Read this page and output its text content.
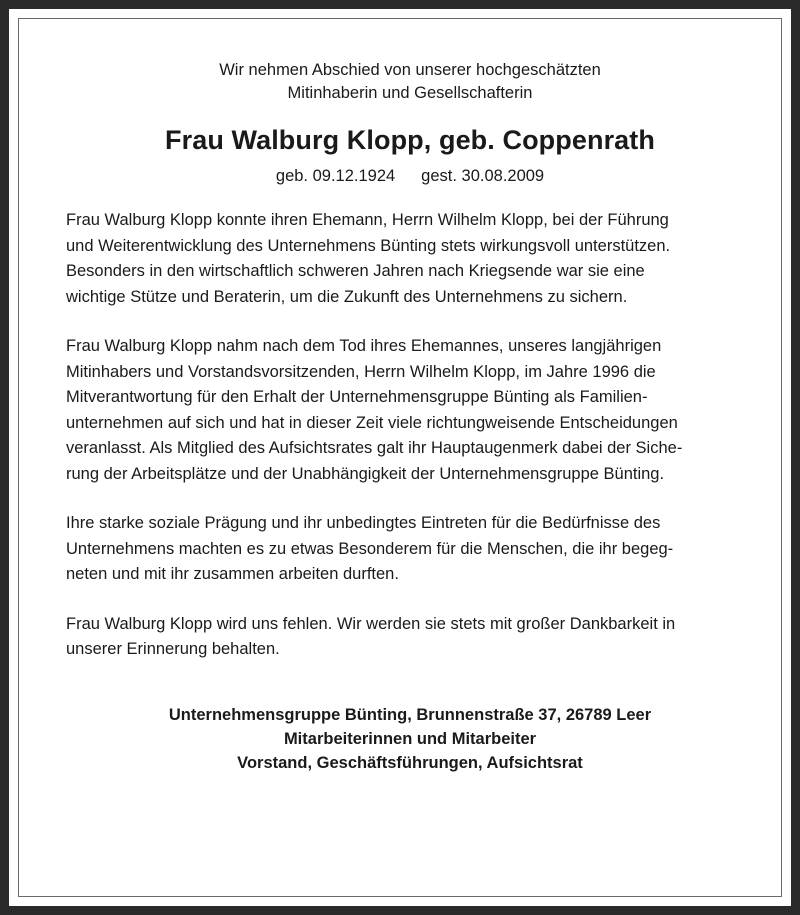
Wir nehmen Abschied von unserer hochgeschätzten
Mitinhaberin und Gesellschafterin

Frau Walburg Klopp, geb. Coppenrath

geb. 09.12.1924 gest. 30.08.2009

Frau Walburg Klopp konnte ihren Ehemann, Herrn Wilhelm Klopp, bei der Führung
und Weiterentwicklung des Unternehmens Bünting stets wirkungsvoll unterstützen.
Besonders in den wirtschaftlich schweren Jahren nach Kriegsende war sie eine
wichtige Stütze und Beraterin, um die Zukunft des Unternehmens zu sichern.

Frau Walburg Klopp nahm nach dem Tod ihres Ehemannes, unseres langjährigen
Mitinhabers und Vorstandsvorsitzenden, Herrn Wilhelm Klopp, im Jahre 1996 die
Mitverantwortung für den Erhalt der Unternehmensgruppe Bünting als Familien-
unternehmen auf sich und hat in dieser Zeit viele richtungweisende Entscheidungen
veranlasst. Als Mitglied des Aufsichtsrates galt ihr Hauptaugenmerk dabei der Siche-
rung der Arbeitsplätze und der Unabhängigkeit der Unternehmensgruppe Bünting.

Ihre starke soziale Prägung und ihr unbedingtes Eintreten für die Bedürfnisse des
Unternehmens machten es zu etwas Besonderem für die Menschen, die ihr begeg-
neten und mit ihr zusammen arbeiten durften.

Frau Walburg Klopp wird uns fehlen. Wir werden sie stets mit großer Dankbarkeit in
unserer Erinnerung behalten.

Unternehmensgruppe Bünting, Brunnenstraße 37, 26789 Leer
Mitarbeiterinnen und Mitarbeiter
Vorstand, Geschäftsführungen, Aufsichtsrat
